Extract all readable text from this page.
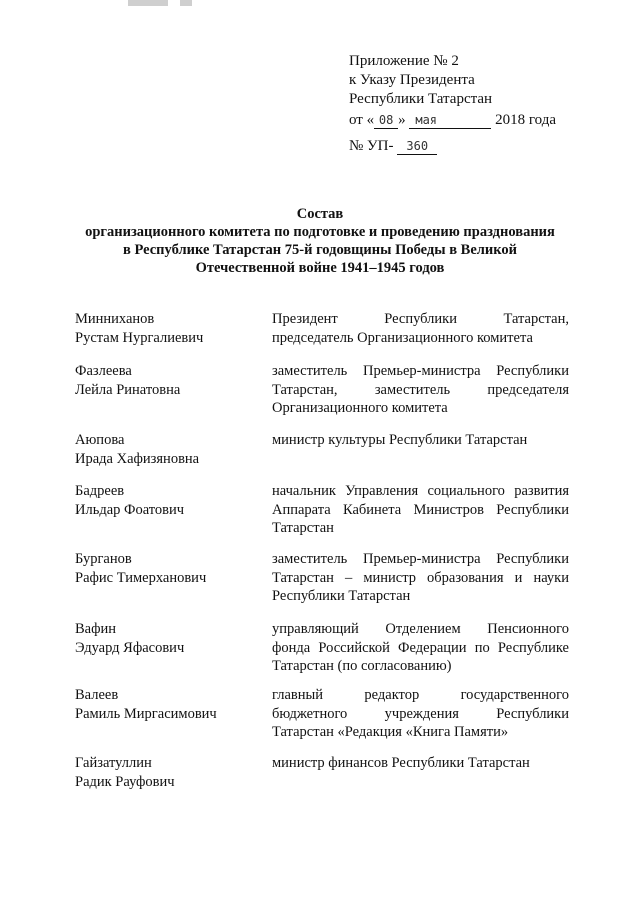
Приложение № 2
к Указу Президента
Республики Татарстан
от « 08 » мая	2018 года
№ УП- 360
Состав
организационного комитета по подготовке и проведению празднования
в Республике Татарстан 75-й годовщины Победы в Великой
Отечественной войне 1941–1945 годов
Минниханов
Рустам Нургалиевич
Президент Республики Татарстан,
председатель Организационного комитета
Фазлеева
Лейла Ринатовна
заместитель Премьер-министра Республики
Татарстан, заместитель председателя
Организационного комитета
Аюпова
Ирада Хафизяновна
министр культуры Республики Татарстан
Бадреев
Ильдар Фоатович
начальник Управления социального развития
Аппарата Кабинета Министров Республики
Татарстан
Бурганов
Рафис Тимерханович
заместитель Премьер-министра Республики
Татарстан – министр образования и науки
Республики Татарстан
Вафин
Эдуард Яфасович
управляющий Отделением Пенсионного
фонда Российской Федерации по Республике
Татарстан (по согласованию)
Валеев
Рамиль Миргасимович
главный редактор государственного
бюджетного учреждения Республики
Татарстан «Редакция «Книга Памяти»
Гайзатуллин
Радик Рауфович
министр финансов Республики Татарстан
